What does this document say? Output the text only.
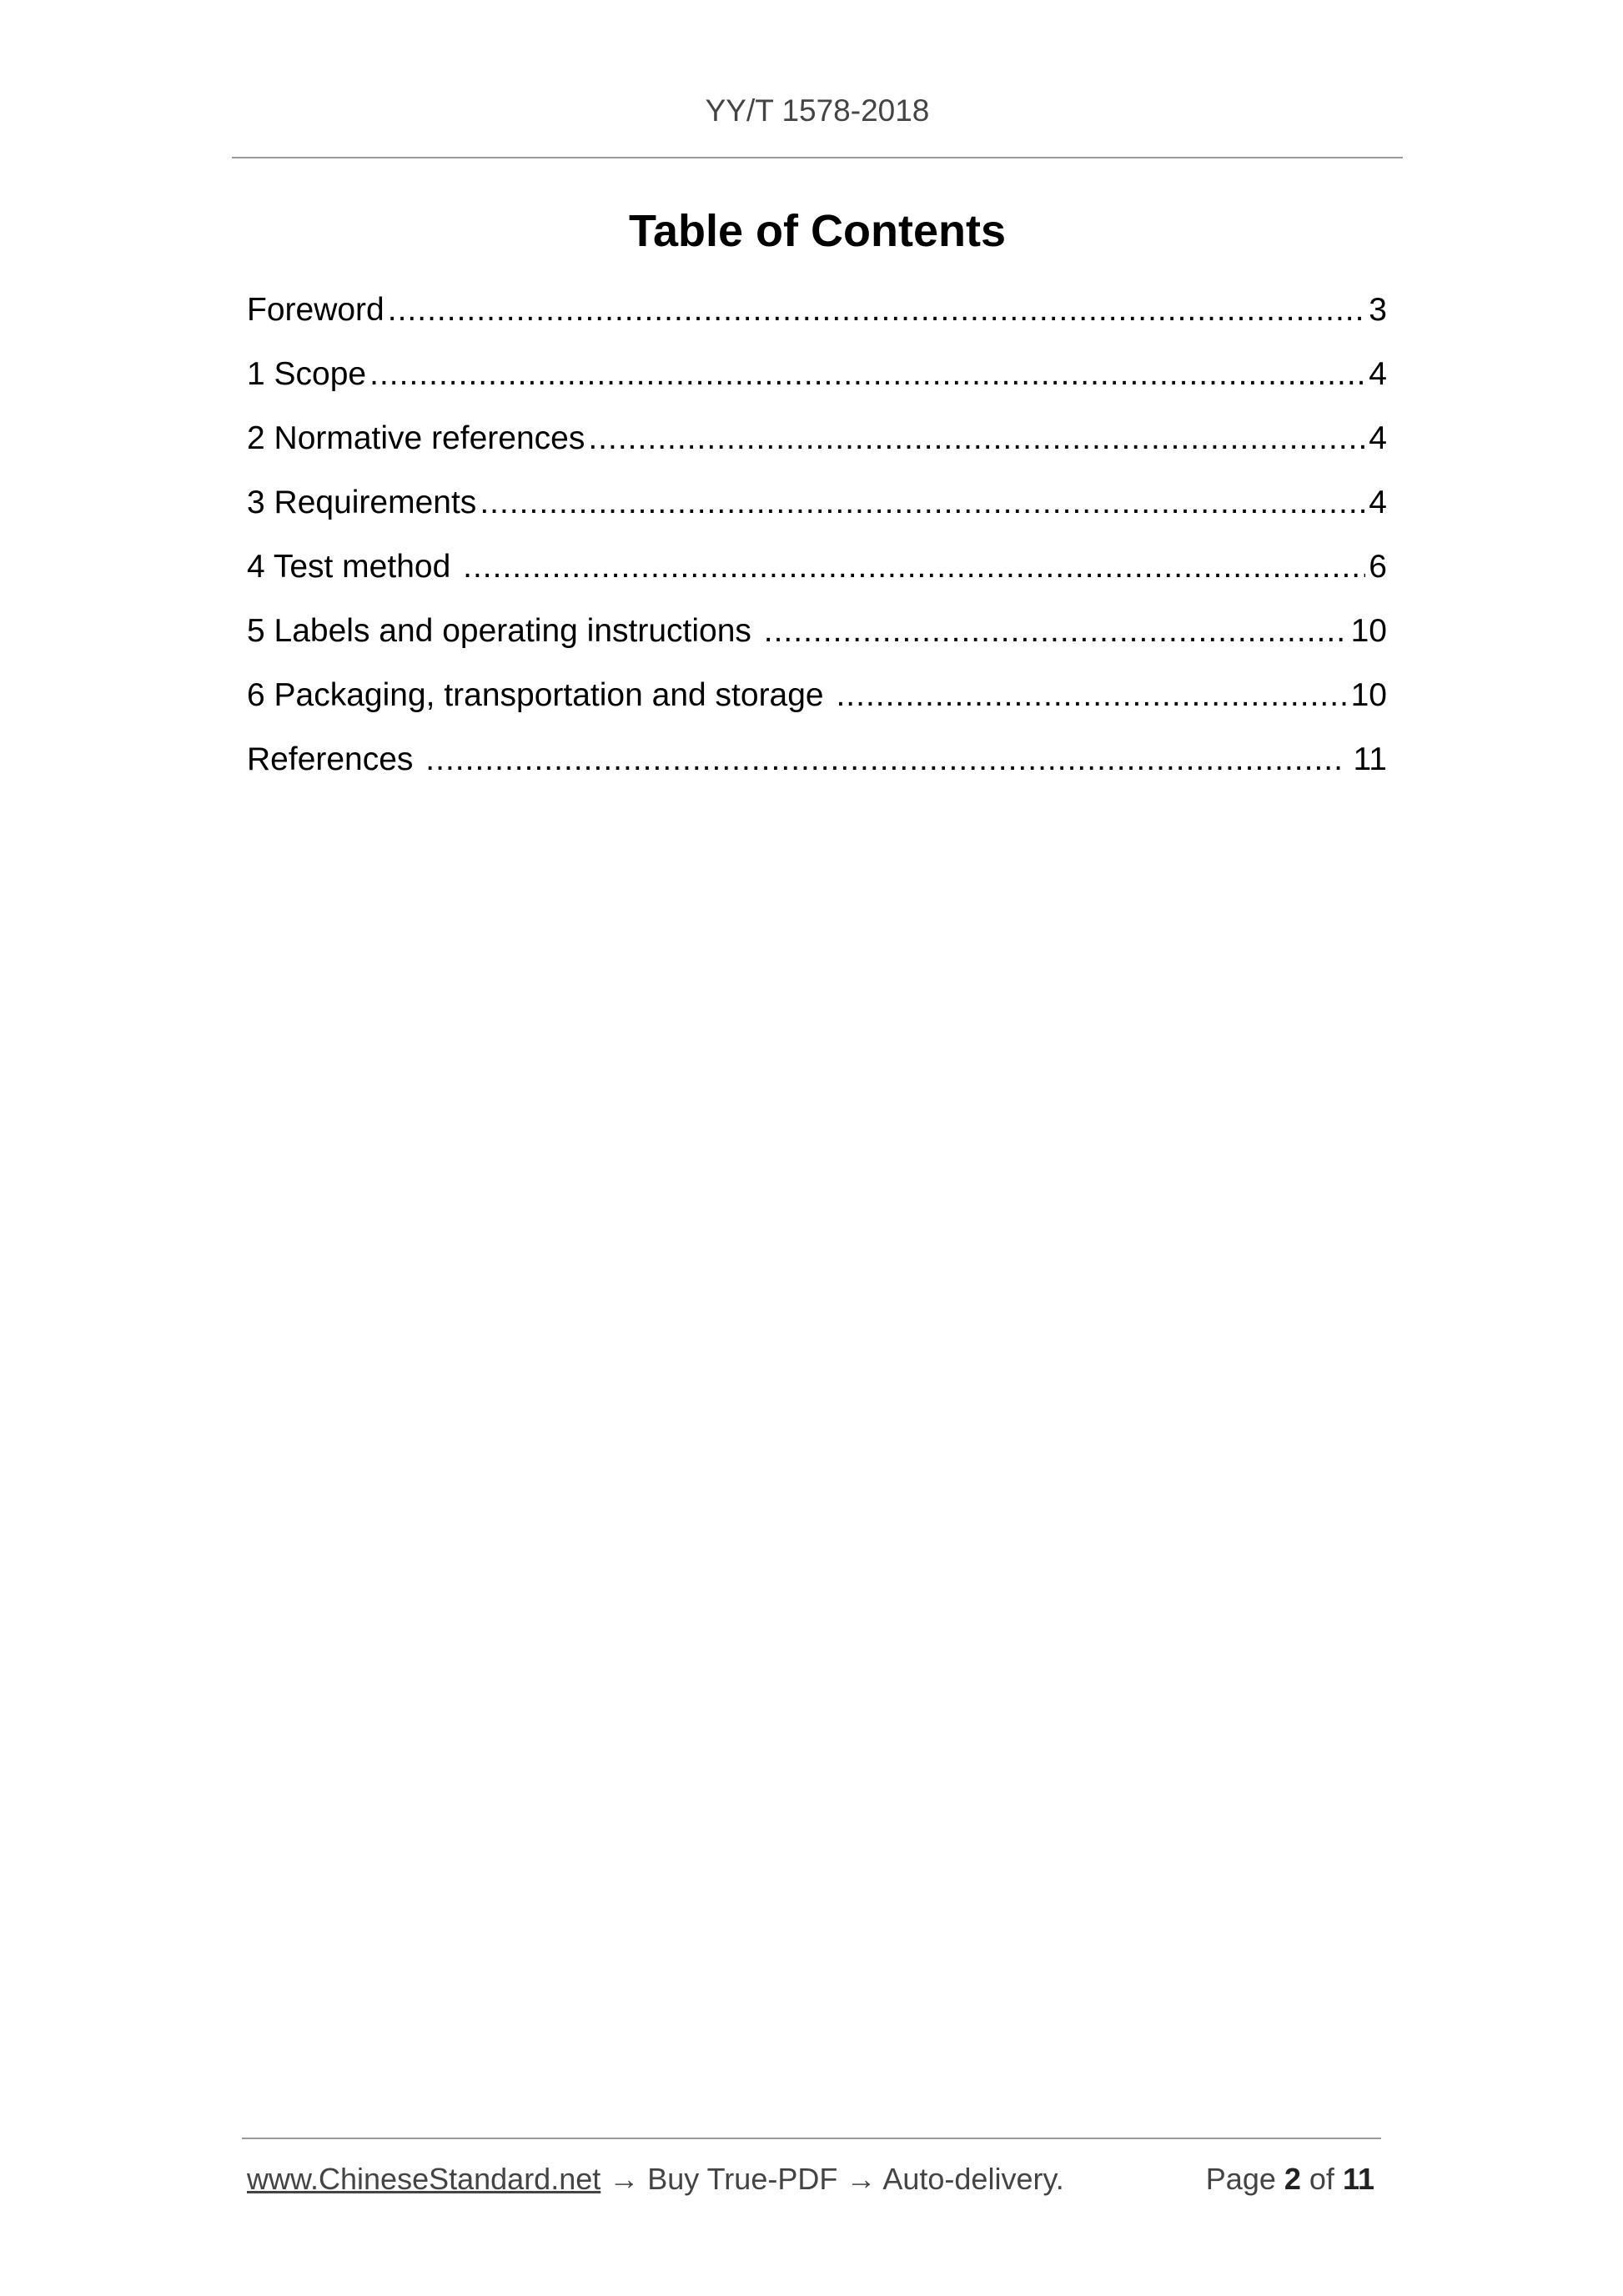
YY/T 1578-2018
Table of Contents
Foreword .....	3
1 Scope .....	4
2 Normative references .....	4
3 Requirements .....	4
4 Test method .....	6
5 Labels and operating instructions .....	10
6 Packaging, transportation and storage .....	10
References .....	11
www.ChineseStandard.net → Buy True-PDF → Auto-delivery.	Page 2 of 11
